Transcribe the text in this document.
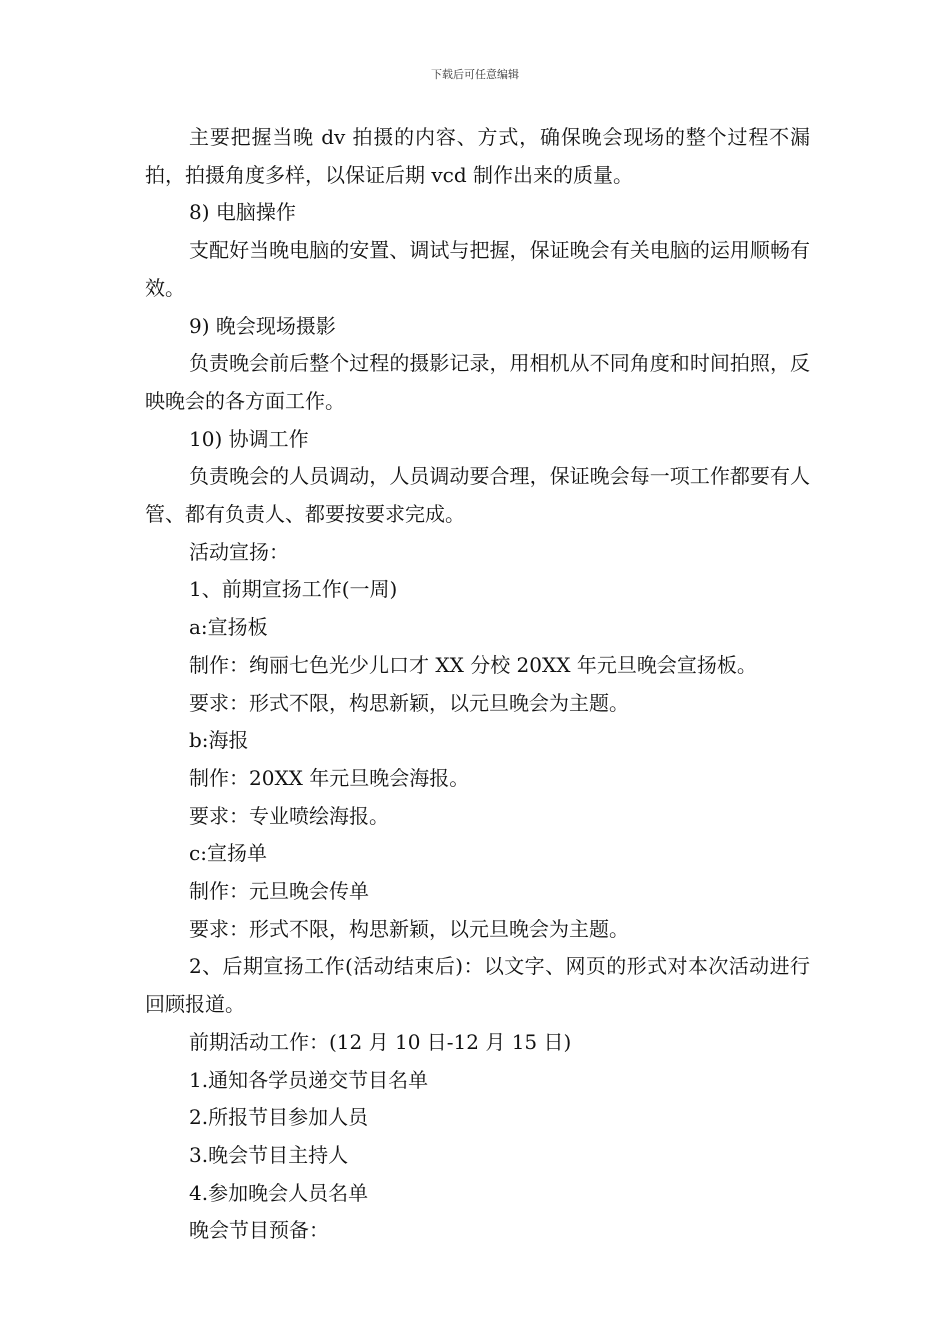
下载后可任意编辑

主要把握当晚 dv 拍摄的内容、方式，确保晚会现场的整个过程不漏拍，拍摄角度多样，以保证后期 vcd 制作出来的质量。

8) 电脑操作

支配好当晚电脑的安置、调试与把握，保证晚会有关电脑的运用顺畅有效。

9) 晚会现场摄影

负责晚会前后整个过程的摄影记录，用相机从不同角度和时间拍照，反映晚会的各方面工作。

10) 协调工作

负责晚会的人员调动，人员调动要合理，保证晚会每一项工作都要有人管、都有负责人、都要按要求完成。

活动宣扬：

1、前期宣扬工作(一周)

a:宣扬板

制作：绚丽七色光少儿口才 XX 分校 20XX 年元旦晚会宣扬板。

要求：形式不限，构思新颖，以元旦晚会为主题。

b:海报

制作：20XX 年元旦晚会海报。

要求：专业喷绘海报。

c:宣扬单

制作：元旦晚会传单

要求：形式不限，构思新颖，以元旦晚会为主题。

2、后期宣扬工作(活动结束后)：以文字、网页的形式对本次活动进行回顾报道。

前期活动工作：(12 月 10 日-12 月 15 日)

1.通知各学员递交节目名单

2.所报节目参加人员

3.晚会节目主持人

4.参加晚会人员名单

晚会节目预备：
